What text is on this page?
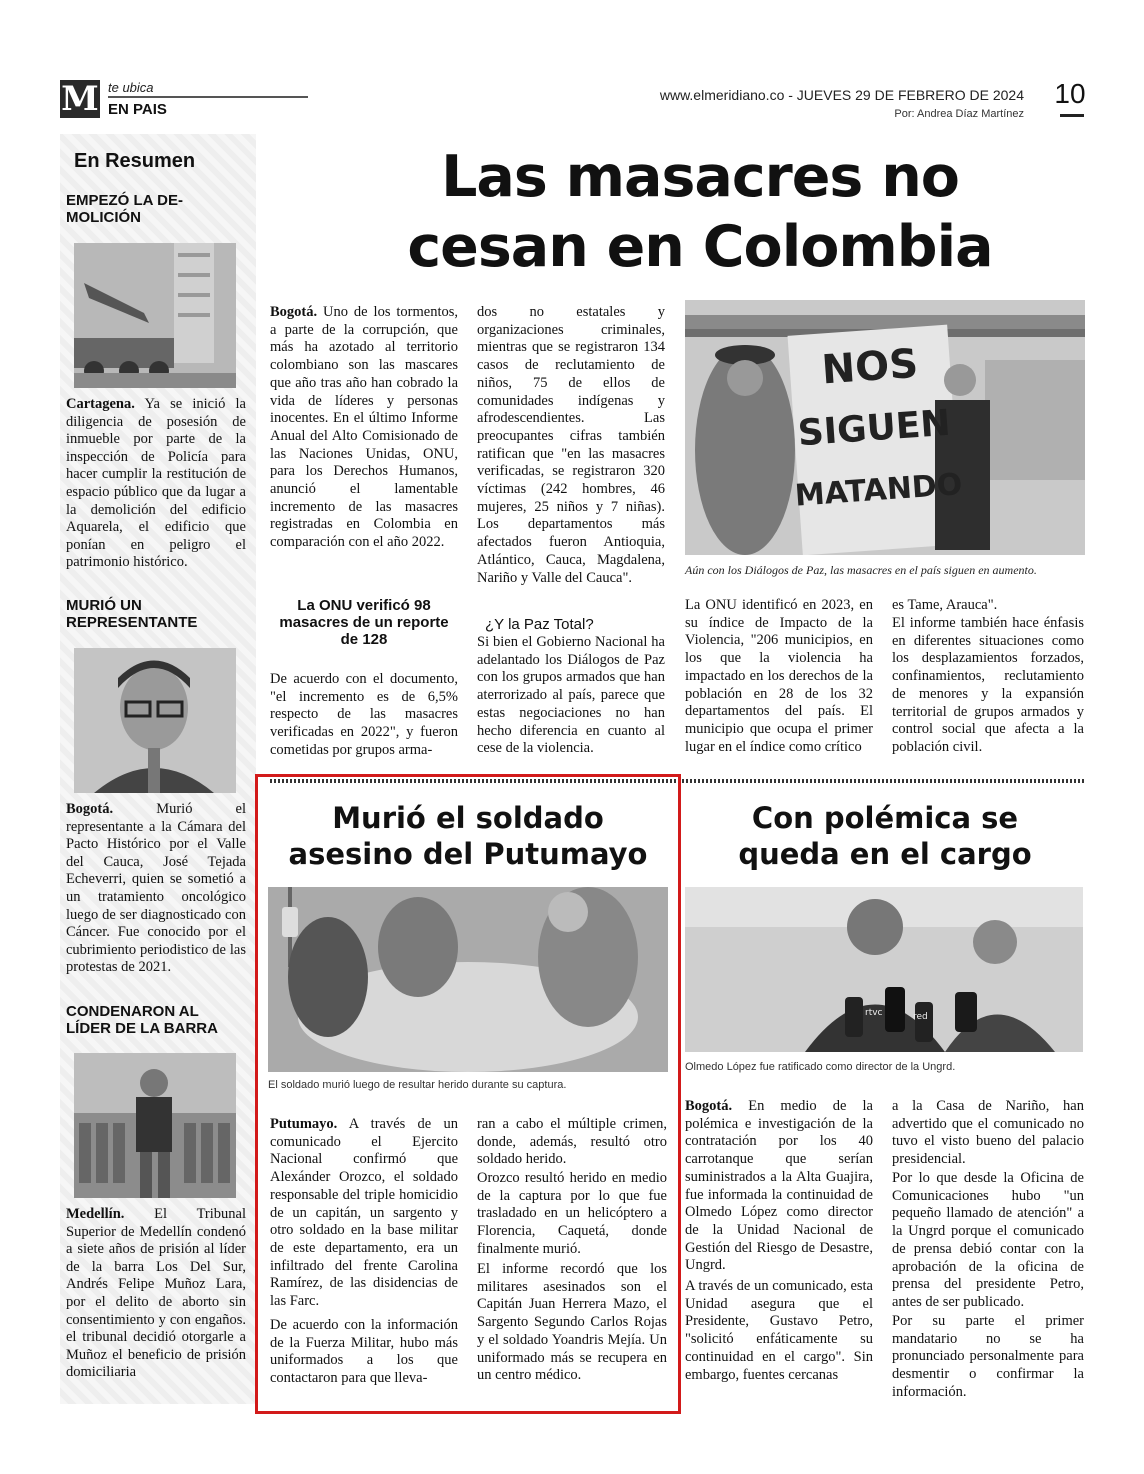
M te ubica
EN PAIS
www.elmeridiano.co - JUEVES 29 DE FEBRERO DE 2024
Por: Andrea Díaz Martínez
10
En Resumen
EMPEZÓ LA DE-MOLICIÓN
Cartagena. Ya se inició la diligencia de posesión de inmueble por parte de la inspección de Policía para hacer cumplir la restitución de espacio público que da lugar a la demolición del edificio Aquarela, el edificio que ponían en peligro el patrimonio histórico.
MURIÓ UN REPRESENTANTE
Bogotá. Murió el representante a la Cámara del Pacto Histórico por el Valle del Cauca, José Tejada Echeverri, quien se sometió a un tratamiento oncológico luego de ser diagnosticado con Cáncer. Fue conocido por el cubrimiento periodistico de las protestas de 2021.
CONDENARON AL LÍDER DE LA BARRA
Medellín. El Tribunal Superior de Medellín condenó a siete años de prisión al líder de la barra Los Del Sur, Andrés Felipe Muñoz Lara, por el delito de aborto sin consentimiento y con engaños. el tribunal decidió otorgarle a Muñoz el beneficio de prisión domiciliaria
Las masacres no
cesan en Colombia
Bogotá. Uno de los tormentos, a parte de la corrupción, que más ha azotado al territorio colombiano son las mascares que año tras año han cobrado la vida de líderes y personas inocentes. En el último Informe Anual del Alto Comisionado de las Naciones Unidas, ONU, para los Derechos Humanos, anunció el lamentable incremento de las masacres registradas en Colombia en comparación con el año 2022.
La ONU verificó 98 masacres de un reporte de 128
De acuerdo con el documento, "el incremento es de 6,5% respecto de las masacres verificadas en 2022", y fueron cometidas por grupos arma-
dos no estatales y organizaciones criminales, mientras que se registraron 134 casos de reclutamiento de niños, 75 de ellos de comunidades indígenas y afrodescendientes. Las preocupantes cifras también ratifican que "en las masacres verificadas, se registraron 320 víctimas (242 hombres, 46 mujeres, 25 niños y 7 niñas). Los departamentos más afectados fueron Antioquia, Atlántico, Cauca, Magdalena, Nariño y Valle del Cauca".
¿Y la Paz Total?
Si bien el Gobierno Nacional ha adelantado los Diálogos de Paz con los grupos armados que han aterrorizado al país, parece que estas negociaciones no han hecho diferencia en cuanto al cese de la violencia.
NOS
SIGUEN
MATANDO
Aún con los Diálogos de Paz, las masacres en el país siguen en aumento.
La ONU identificó en 2023, en su índice de Impacto de la Violencia, "206 municipios, en los que la violencia ha impactado en los derechos de la población en 28 de los 32 departamentos del país. El municipio que ocupa el primer lugar en el índice como crítico
es Tame, Arauca".
El informe también hace énfasis en diferentes situaciones como los desplazamientos forzados, confinamientos, reclutamiento de menores y la expansión territorial de grupos armados y control social que afecta a la población civil.
Murió el soldado
asesino del Putumayo
El soldado murió luego de resultar herido durante su captura.
Putumayo. A través de un comunicado el Ejercito Nacional confirmó que Alexánder Orozco, el soldado responsable del triple homicidio de un capitán, un sargento y otro soldado en la base militar de este departamento, era un infiltrado del frente Carolina Ramírez, de las disidencias de las Farc.
De acuerdo con la información de la Fuerza Militar, hubo más uniformados a los que contactaron para que lleva-
ran a cabo el múltiple crimen, donde, además, resultó otro soldado herido.
Orozco resultó herido en medio de la captura por lo que fue trasladado en un helicóptero a Florencia, Caquetá, donde finalmente murió.
El informe recordó que los militares asesinados son el Capitán Juan Herrera Mazo, el Sargento Segundo Carlos Rojas y el soldado Yoandris Mejía. Un uniformado más se recupera en un centro médico.
Con polémica se
queda en el cargo
rtvc	red
Olmedo López fue ratificado como director de la Ungrd.
Bogotá. En medio de la polémica e investigación de la contratación por los 40 carrotanque que serían suministrados a la Alta Guajira, fue informada la continuidad de Olmedo López como director de la Unidad Nacional de Gestión del Riesgo de Desastre, Ungrd.
A través de un comunicado, esta Unidad asegura que el Presidente, Gustavo Petro, "solicitó enfáticamente su continuidad en el cargo". Sin embargo, fuentes cercanas
a la Casa de Nariño, han advertido que el comunicado no tuvo el visto bueno del palacio presidencial.
Por lo que desde la Oficina de Comunicaciones hubo "un pequeño llamado de atención" a la Ungrd porque el comunicado de prensa debió contar con la aprobación de la oficina de prensa del presidente Petro, antes de ser publicado.
Por su parte el primer mandatario no se ha pronunciado personalmente para desmentir o confirmar la información.
